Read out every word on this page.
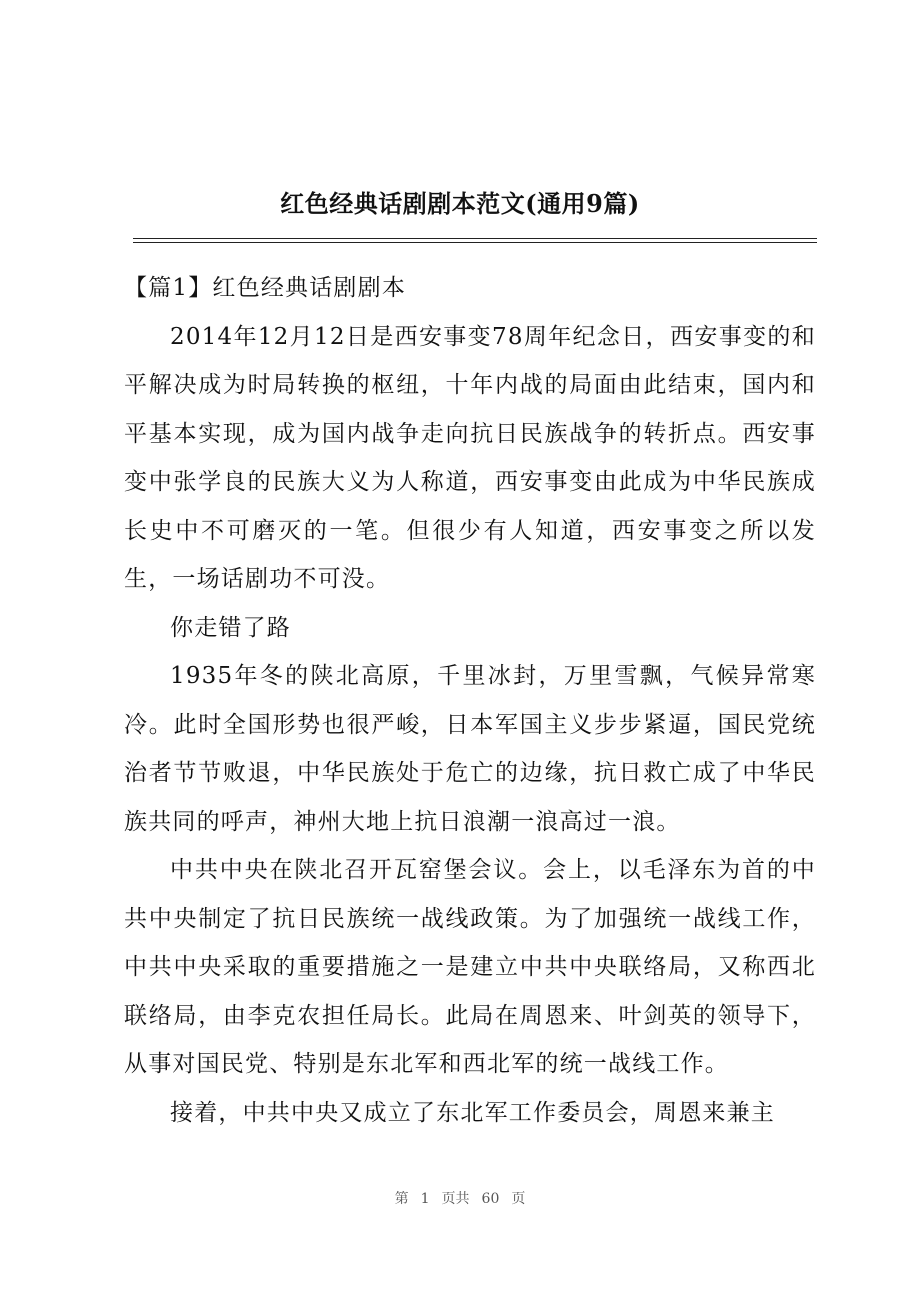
红色经典话剧剧本范文(通用9篇)

【篇1】红色经典话剧剧本

2014年12月12日是西安事变78周年纪念日，西安事变的和平解决成为时局转换的枢纽，十年内战的局面由此结束，国内和平基本实现，成为国内战争走向抗日民族战争的转折点。西安事变中张学良的民族大义为人称道，西安事变由此成为中华民族成长史中不可磨灭的一笔。但很少有人知道，西安事变之所以发生，一场话剧功不可没。

你走错了路

1935年冬的陕北高原，千里冰封，万里雪飘，气候异常寒冷。此时全国形势也很严峻，日本军国主义步步紧逼，国民党统治者节节败退，中华民族处于危亡的边缘，抗日救亡成了中华民族共同的呼声，神州大地上抗日浪潮一浪高过一浪。

中共中央在陕北召开瓦窑堡会议。会上，以毛泽东为首的中共中央制定了抗日民族统一战线政策。为了加强统一战线工作，中共中央采取的重要措施之一是建立中共中央联络局，又称西北联络局，由李克农担任局长。此局在周恩来、叶剑英的领导下，从事对国民党、特别是东北军和西北军的统一战线工作。

接着，中共中央又成立了东北军工作委员会，周恩来兼主

第 1 页共 60 页
